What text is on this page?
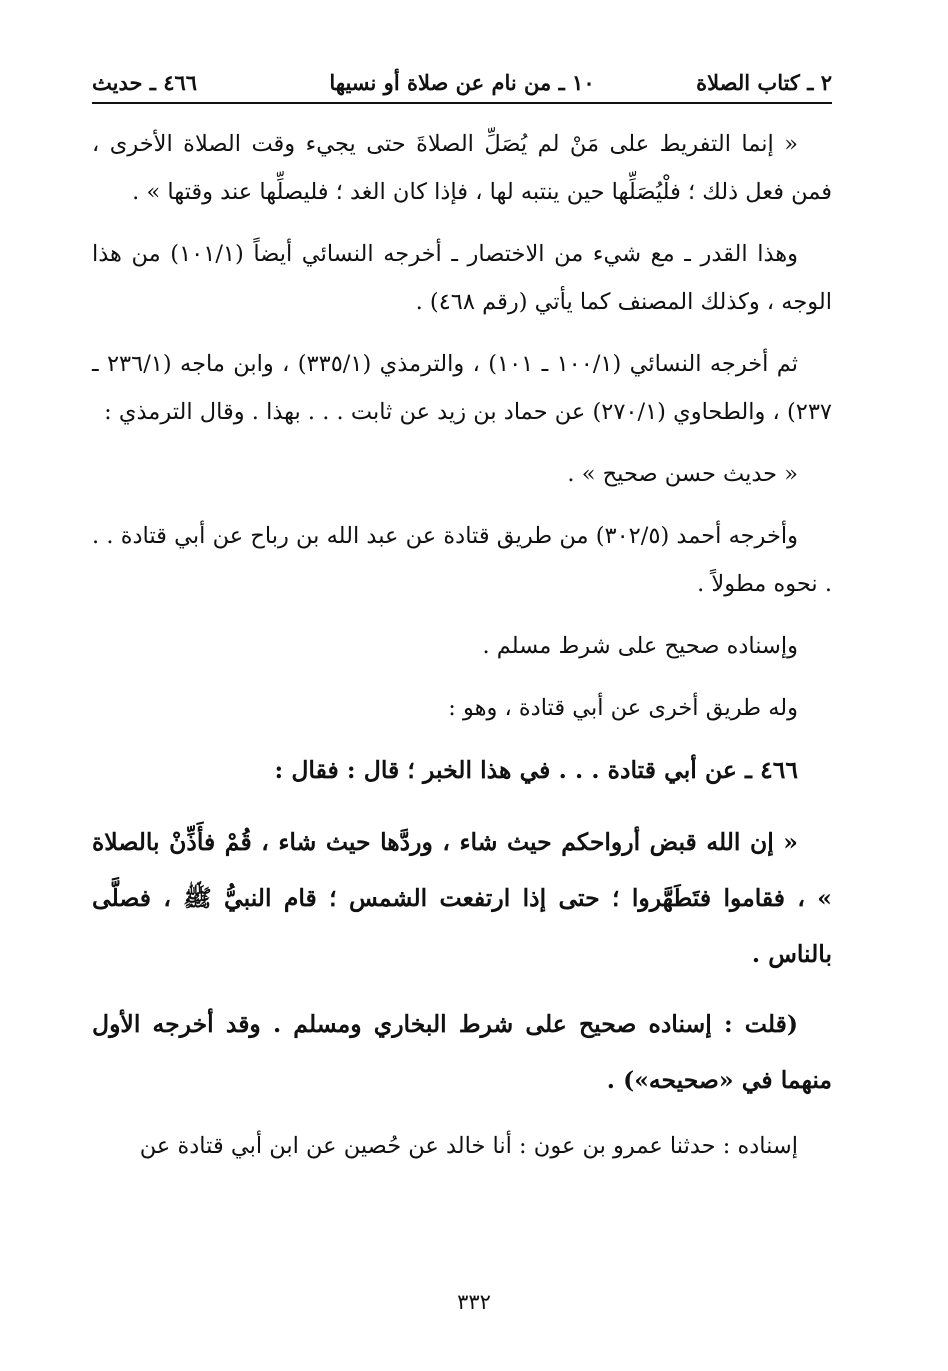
٢ ـ كتاب الصلاة
١٠ ـ من نام عن صلاة أو نسيها
٤٦٦ ـ حديث

« إنما التفريط على مَنْ لم يُصَلِّ الصلاةَ حتى يجيء وقت الصلاة الأخرى ، فمن فعل ذلك ؛ فلْيُصَلِّها حين ينتبه لها ، فإذا كان الغد ؛ فليصلِّها عند وقتها » .

وهذا القدر ـ مع شيء من الاختصار ـ أخرجه النسائي أيضاً (١٠١/١) من هذا الوجه ، وكذلك المصنف كما يأتي (رقم ٤٦٨) .

ثم أخرجه النسائي (١٠٠/١ ـ ١٠١) ، والترمذي (٣٣٥/١) ، وابن ماجه (٢٣٦/١ ـ ٢٣٧) ، والطحاوي (٢٧٠/١) عن حماد بن زيد عن ثابت . . . بهذا . وقال الترمذي :

« حديث حسن صحيح » .

وأخرجه أحمد (٣٠٢/٥) من طريق قتادة عن عبد الله بن رباح عن أبي قتادة . . . نحوه مطولاً .

وإسناده صحيح على شرط مسلم .

وله طريق أخرى عن أبي قتادة ، وهو :

٤٦٦ ـ عن أبي قتادة . . . في هذا الخبر ؛ قال : فقال :

« إن الله قبض أرواحكم حيث شاء ، وردَّها حيث شاء ، قُمْ فأَذِّنْ بالصلاة » ، فقاموا فتَطَهَّروا ؛ حتى إذا ارتفعت الشمس ؛ قام النبيُّ ﷺ ، فصلَّى بالناس .

(قلت : إسناده صحيح على شرط البخاري ومسلم . وقد أخرجه الأول منهما في «صحيحه») .

إسناده : حدثنا عمرو بن عون : أنا خالد عن حُصين عن ابن أبي قتادة عن

٣٣٢
